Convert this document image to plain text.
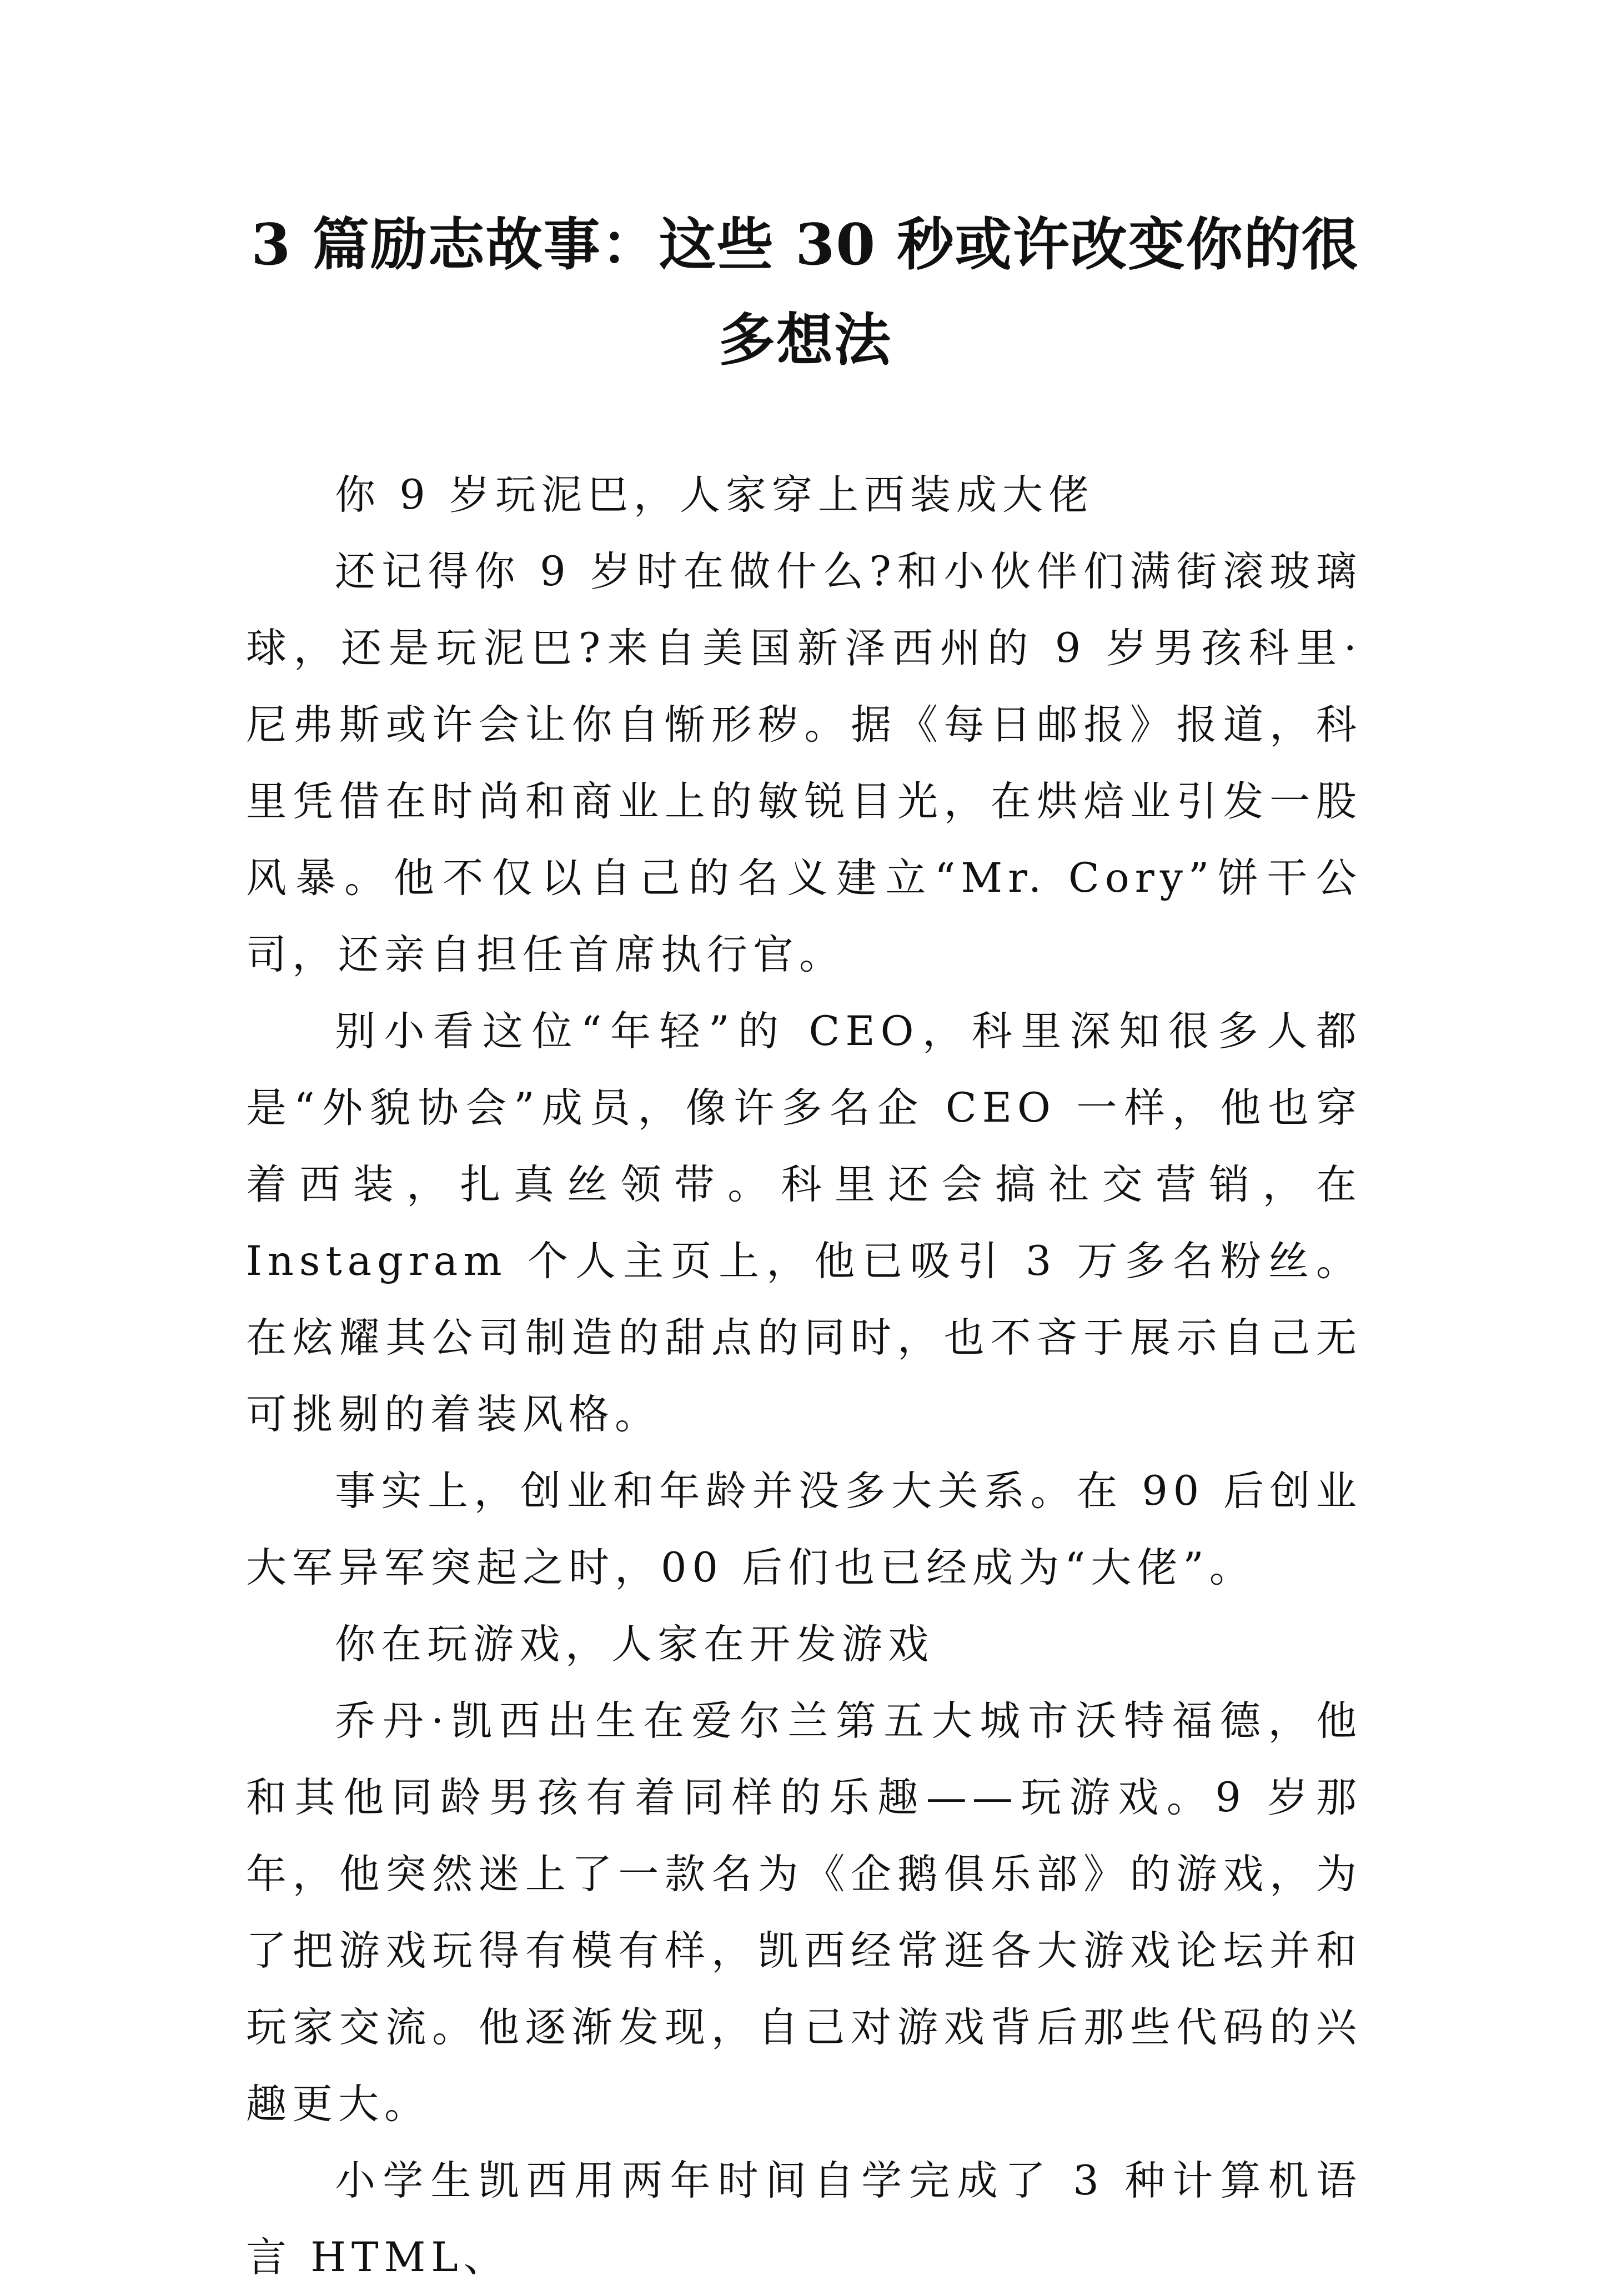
3 篇励志故事：这些 30 秒或许改变你的很多想法

你 9 岁玩泥巴，人家穿上西装成大佬

还记得你 9 岁时在做什么?和小伙伴们满街滚玻璃球，还是玩泥巴?来自美国新泽西州的 9 岁男孩科里·尼弗斯或许会让你自惭形秽。据《每日邮报》报道，科里凭借在时尚和商业上的敏锐目光，在烘焙业引发一股风暴。他不仅以自己的名义建立“Mr. Cory”饼干公司，还亲自担任首席执行官。

别小看这位“年轻”的 CEO，科里深知很多人都是“外貌协会”成员，像许多名企 CEO 一样，他也穿着西装，扎真丝领带。科里还会搞社交营销，在 Instagram 个人主页上，他已吸引 3 万多名粉丝。在炫耀其公司制造的甜点的同时，也不吝于展示自己无可挑剔的着装风格。

事实上，创业和年龄并没多大关系。在 90 后创业大军异军突起之时，00 后们也已经成为“大佬”。

你在玩游戏，人家在开发游戏

乔丹·凯西出生在爱尔兰第五大城市沃特福德，他和其他同龄男孩有着同样的乐趣——玩游戏。9 岁那年，他突然迷上了一款名为《企鹅俱乐部》的游戏，为了把游戏玩得有模有样，凯西经常逛各大游戏论坛并和玩家交流。他逐渐发现，自己对游戏背后那些代码的兴趣更大。

小学生凯西用两年时间自学完成了 3 种计算机语言 HTML、
